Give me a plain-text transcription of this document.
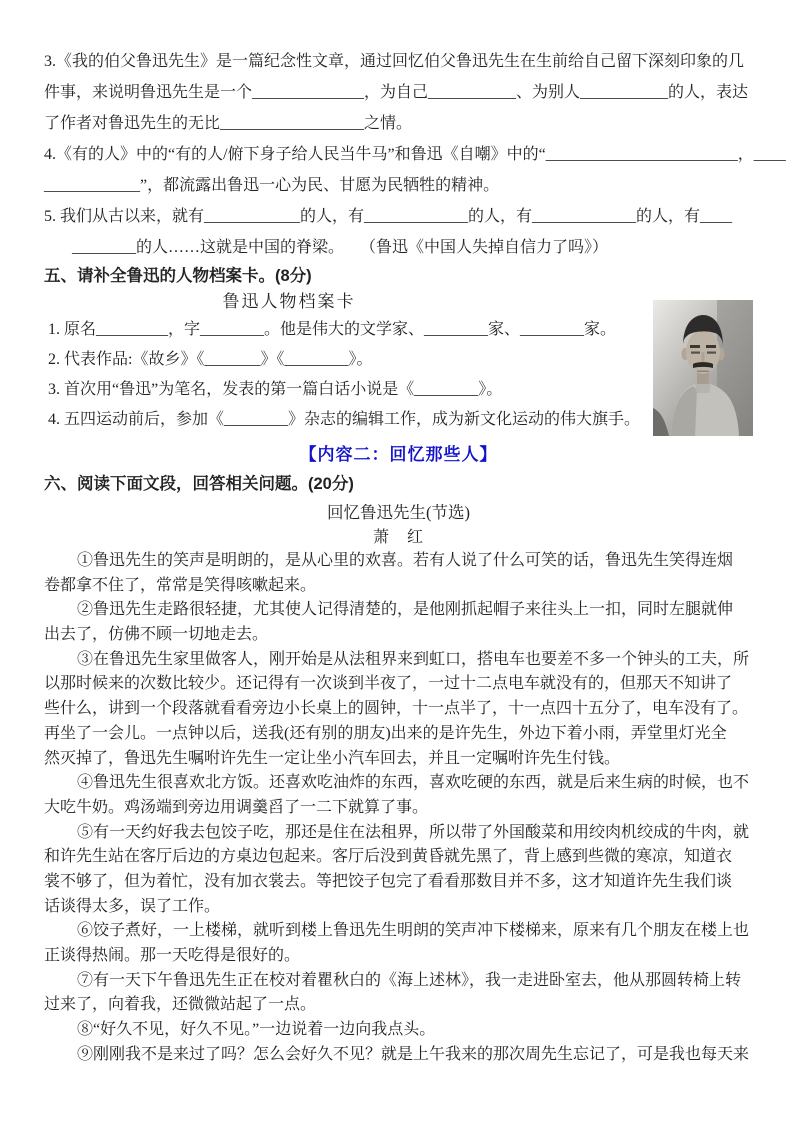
3.《我的伯父鲁迅先生》是一篇纪念性文章，通过回忆伯父鲁迅先生在生前给自己留下深刻印象的几
件事，来说明鲁迅先生是一个______________，为自己___________、为别人___________的人，表达
了作者对鲁迅先生的无比__________________之情。
4.《有的人》中的“有的人/俯下身子给人民当牛马”和鲁迅《自嘲》中的“________________________，____
____________”，都流露出鲁迅一心为民、甘愿为民牺牲的精神。
5. 我们从古以来，就有____________的人，有_____________的人，有_____________的人，有____
________的人……这就是中国的脊梁。 （鲁迅《中国人失掉自信力了吗》）
五、请补全鲁迅的人物档案卡。(8分)
鲁迅人物档案卡
1. 原名_________，字________。他是伟大的文学家、________家、________家。
2. 代表作品:《故乡》《_______》《________》。
3. 首次用“鲁迅”为笔名，发表的第一篇白话小说是《________》。
4. 五四运动前后，参加《________》杂志的编辑工作，成为新文化运动的伟大旗手。
【内容二：回忆那些人】
六、阅读下面文段，回答相关问题。(20分)
回忆鲁迅先生(节选)
萧　红
①鲁迅先生的笑声是明朗的，是从心里的欢喜。若有人说了什么可笑的话，鲁迅先生笑得连烟
卷都拿不住了，常常是笑得咳嗽起来。
②鲁迅先生走路很轻捷，尤其使人记得清楚的，是他刚抓起帽子来往头上一扣，同时左腿就伸
出去了，仿佛不顾一切地走去。
③在鲁迅先生家里做客人，刚开始是从法租界来到虹口，搭电车也要差不多一个钟头的工夫，所
以那时候来的次数比较少。还记得有一次谈到半夜了，一过十二点电车就没有的，但那天不知讲了
些什么，讲到一个段落就看看旁边小长桌上的圆钟，十一点半了，十一点四十五分了，电车没有了。
再坐了一会儿。一点钟以后，送我(还有别的朋友)出来的是许先生，外边下着小雨，弄堂里灯光全
然灭掉了，鲁迅先生嘱咐许先生一定让坐小汽车回去，并且一定嘱咐许先生付钱。
④鲁迅先生很喜欢北方饭。还喜欢吃油炸的东西，喜欢吃硬的东西，就是后来生病的时候，也不
大吃牛奶。鸡汤端到旁边用调羹舀了一二下就算了事。
⑤有一天约好我去包饺子吃，那还是住在法租界，所以带了外国酸菜和用绞肉机绞成的牛肉，就
和许先生站在客厅后边的方桌边包起来。客厅后没到黄昏就先黑了，背上感到些微的寒凉，知道衣
裳不够了，但为着忙，没有加衣裳去。等把饺子包完了看看那数目并不多，这才知道许先生我们谈
话谈得太多，误了工作。
⑥饺子煮好，一上楼梯，就听到楼上鲁迅先生明朗的笑声冲下楼梯来，原来有几个朋友在楼上也
正谈得热闹。那一天吃得是很好的。
⑦有一天下午鲁迅先生正在校对着瞿秋白的《海上述林》，我一走进卧室去，他从那圆转椅上转
过来了，向着我，还微微站起了一点。
⑧“好久不见，好久不见。”一边说着一边向我点头。
⑨刚刚我不是来过了吗？怎么会好久不见？就是上午我来的那次周先生忘记了，可是我也每天来
